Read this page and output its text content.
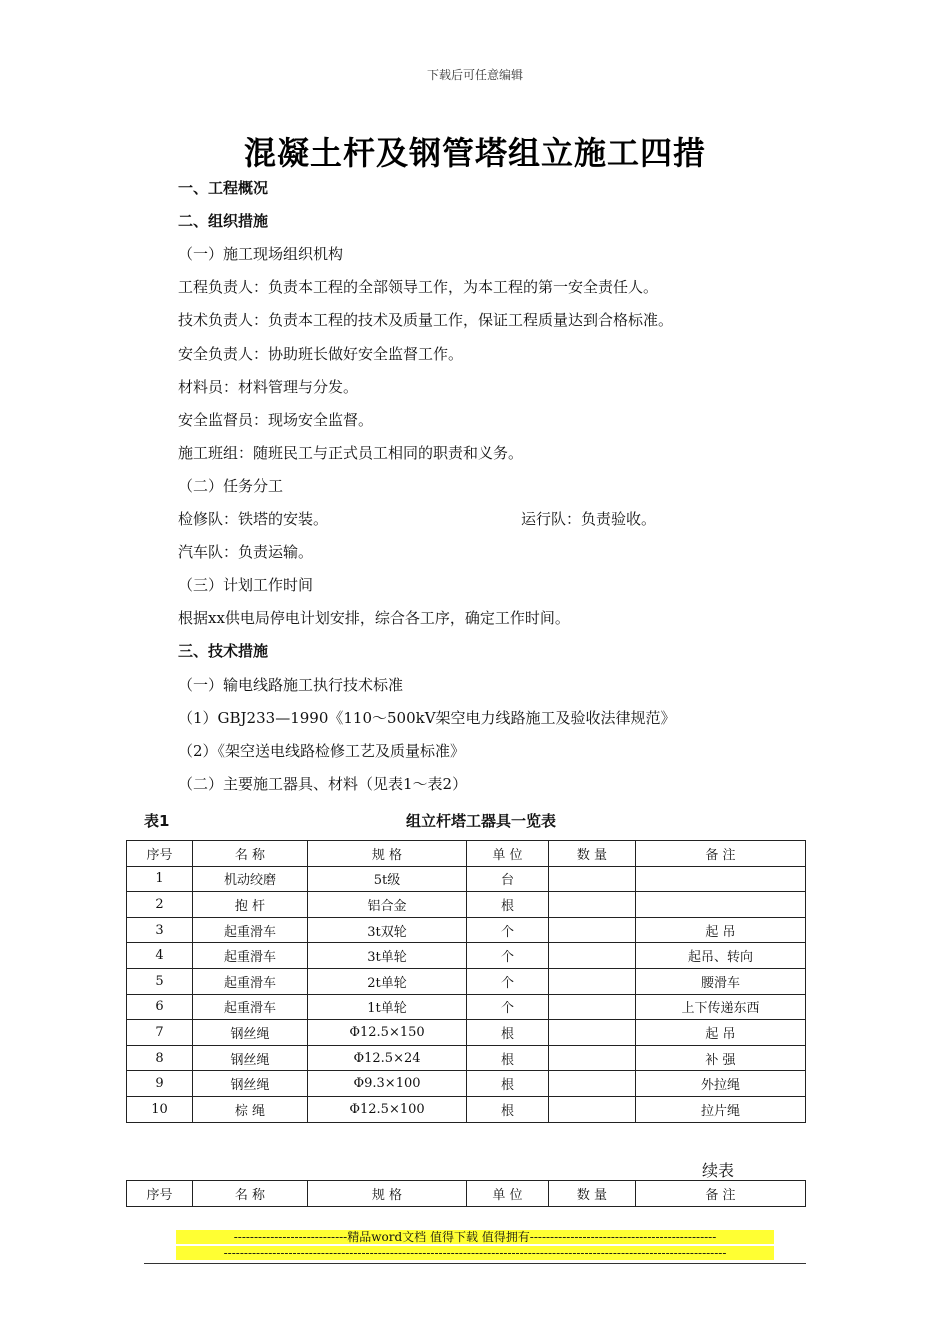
下载后可任意编辑
混凝土杆及钢管塔组立施工四措
一、工程概况
二、组织措施
（一）施工现场组织机构
工程负责人：负责本工程的全部领导工作，为本工程的第一安全责任人。
技术负责人：负责本工程的技术及质量工作，保证工程质量达到合格标准。
安全负责人：协助班长做好安全监督工作。
材料员：材料管理与分发。
安全监督员：现场安全监督。
施工班组：随班民工与正式员工相同的职责和义务。
（二）任务分工
检修队：铁塔的安装。	运行队：负责验收。
汽车队：负责运输。
（三）计划工作时间
根据xx供电局停电计划安排，综合各工序，确定工作时间。
三、技术措施
（一）输电线路施工执行技术标准
（1）GBJ233—1990《110～500kV架空电力线路施工及验收法律规范》
（2）《架空送电线路检修工艺及质量标准》
（二）主要施工器具、材料（见表1～表2）
表1	组立杆塔工器具一览表
序号	名 称	规 格	单 位	数 量	备 注
1	机动绞磨	5t级	台		
2	抱 杆	铝合金	根		
3	起重滑车	3t双轮	个		起 吊
4	起重滑车	3t单轮	个		起吊、转向
5	起重滑车	2t单轮	个		腰滑车
6	起重滑车	1t单轮	个		上下传递东西
7	钢丝绳	Φ12.5×150	根		起 吊
8	钢丝绳	Φ12.5×24	根		补 强
9	钢丝绳	Φ9.3×100	根		外拉绳
10	棕 绳	Φ12.5×100	根		拉片绳
续表
序号	名 称	规 格	单 位	数 量	备 注
----------------------------精品word文档 值得下载 值得拥有----------------------------------------------
----------------------------------------------------------------------------------------------------------------------------
